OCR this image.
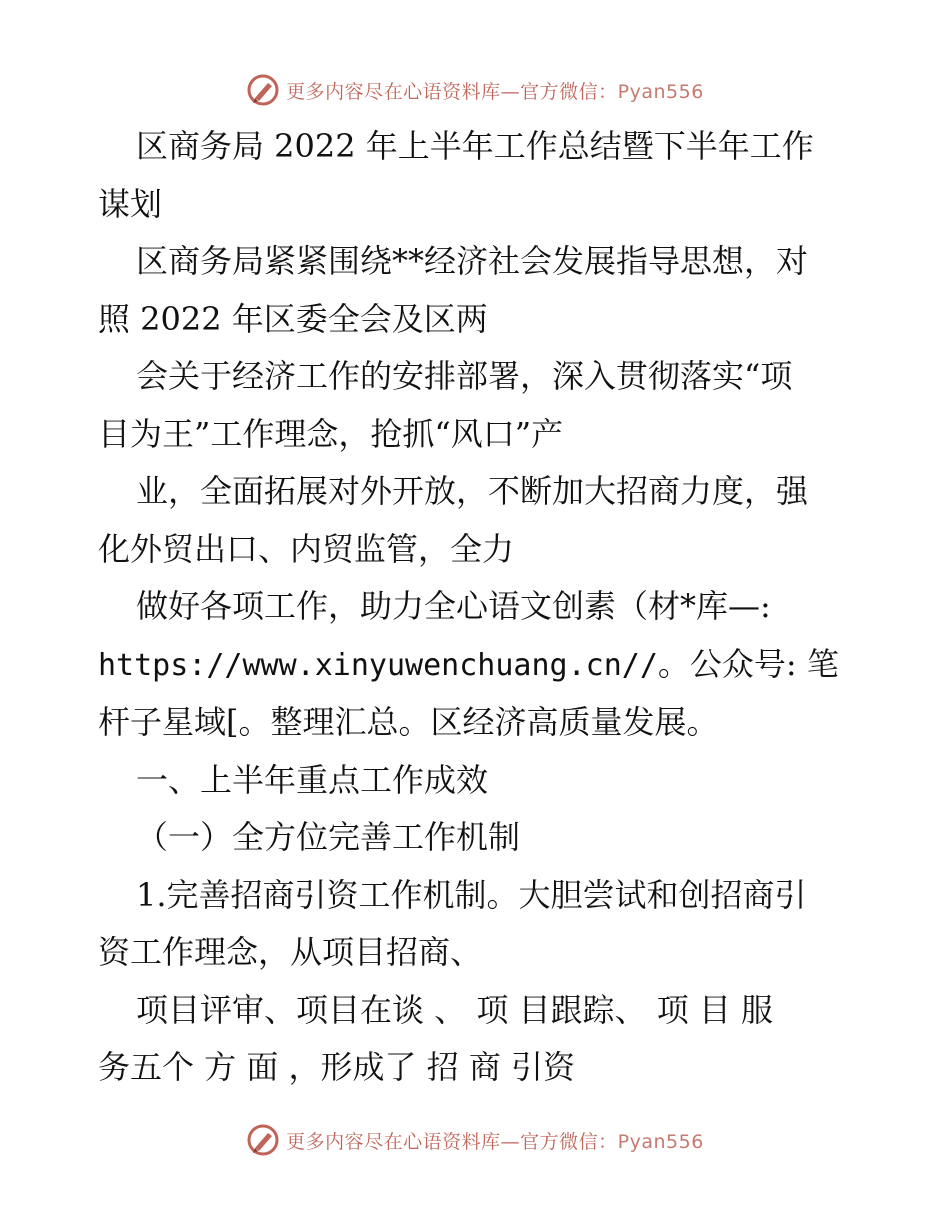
更多内容尽在心语资料库—官方微信：Pyan556

区商务局 2022 年上半年工作总结暨下半年工作

谋划

区商务局紧紧围绕**经济社会发展指导思想，对

照 2022 年区委全会及区两

会关于经济工作的安排部署，深入贯彻落实“项

目为王”工作理念，抢抓“风口”产

业，全面拓展对外开放，不断加大招商力度，强

化外贸出口、内贸监管，全力

做好各项工作，助力全心语文创素（材*库—:

https://www.xinyuwenchuang.cn//。公众号: 笔

杆子星域[。整理汇总。区经济高质量发展。

一、上半年重点工作成效

（一）全方位完善工作机制

1.完善招商引资工作机制。大胆尝试和创招商引

资工作理念，从项目招商、

项目评审、项目在谈 、 项 目跟踪、 项 目 服

务五个 方 面 ，形成了 招 商 引资

更多内容尽在心语资料库—官方微信：Pyan556
